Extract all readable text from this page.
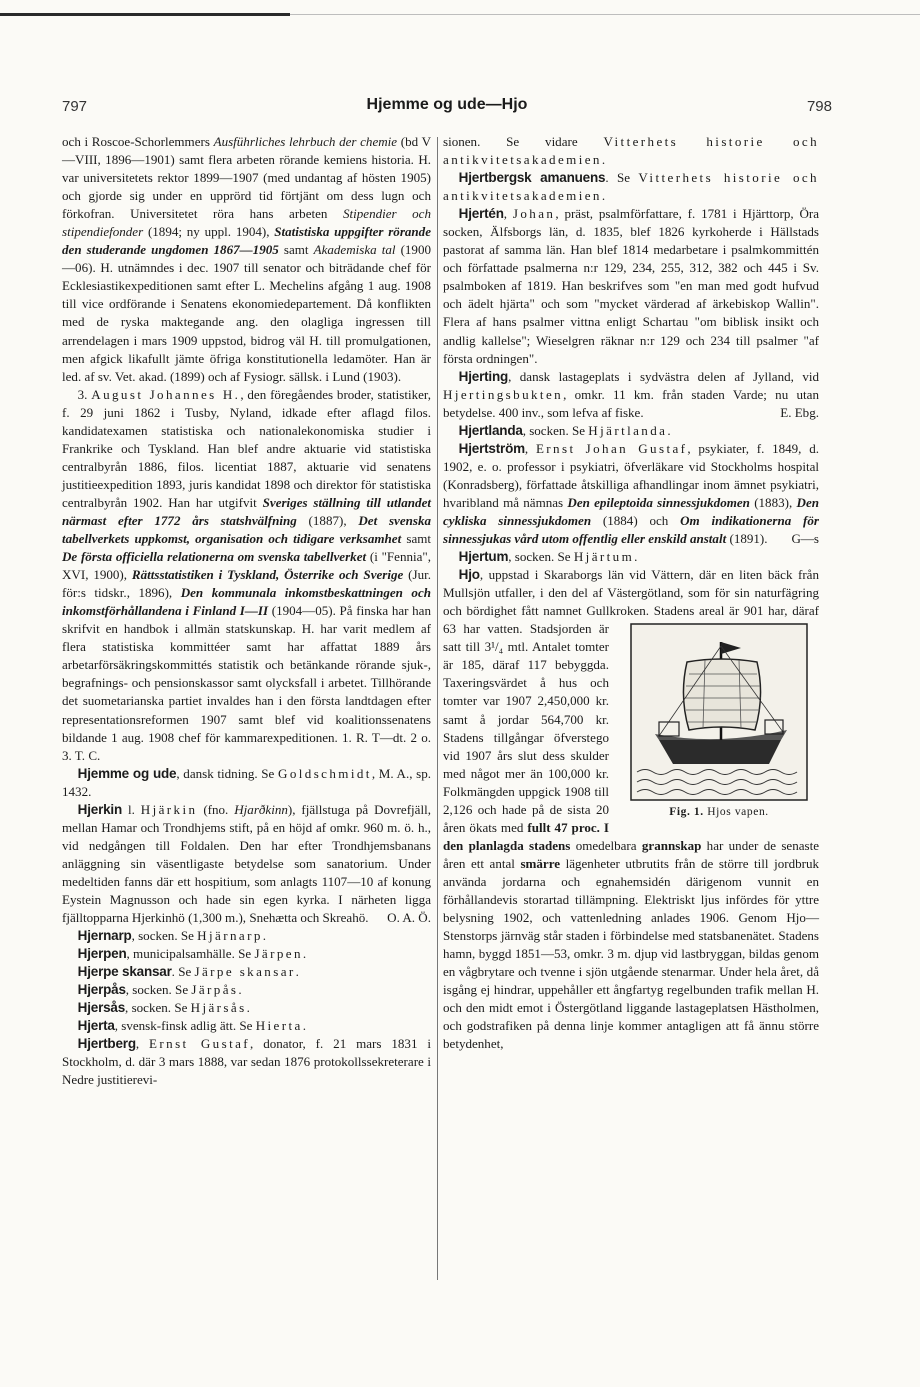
797	Hjemme og ude—Hjo	798

och i Roscoe-Schorlemmers Ausführliches lehrbuch der chemie (bd V—VIII, 1896—1901) samt flera arbeten rörande kemiens historia. H. var universitetets rektor 1899—1907 (med undantag af hösten 1905) och gjorde sig under en upprörd tid förtjänt om dess lugn och förkofran. Universitetet röra hans arbeten Stipendier och stipendiefonder (1894; ny uppl. 1904), Statistiska uppgifter rörande den studerande ungdomen 1867—1905 samt Akademiska tal (1900—06). H. utnämndes i dec. 1907 till senator och biträdande chef för Ecklesiastikexpeditionen samt efter L. Mechelins afgång 1 aug. 1908 till vice ordförande i Senatens ekonomiedepartement. Då konflikten med de ryska maktegande ang. den olagliga ingressen till arrendelagen i mars 1909 uppstod, bidrog väl H. till promulgationen, men afgick likafullt jämte öfriga konstitutionella ledamöter. Han är led. af sv. Vet. akad. (1899) och af Fysiogr. sällsk. i Lund (1903).

3. August Johannes H., den föregåendes broder, statistiker, f. 29 juni 1862 i Tusby, Nyland, idkade efter aflagd filos. kandidatexamen statistiska och nationalekonomiska studier i Frankrike och Tyskland. Han blef andre aktuarie vid statistiska centralbyrån 1886, filos. licentiat 1887, aktuarie vid senatens justitieexpedition 1893, juris kandidat 1898 och direktor för statistiska centralbyrån 1902. Han har utgifvit Sveriges ställning till utlandet närmast efter 1772 års statshvälfning (1887), Det svenska tabellverkets uppkomst, organisation och tidigare verksamhet samt De första officiella relationerna om svenska tabellverket (i "Fennia", XVI, 1900), Rättsstatistiken i Tyskland, Österrike och Sverige (Jur. för:s tidskr., 1896), Den kommunala inkomstbeskattningen och inkomstförhållandena i Finland I—II (1904—05). På finska har han skrifvit en handbok i allmän statskunskap. H. har varit medlem af flera statistiska kommittéer samt har affattat 1889 års arbetarförsäkringskommittés statistik och betänkande rörande sjuk-, begrafnings- och pensionskassor samt olycksfall i arbetet. Tillhörande det suometarianska partiet invaldes han i den första landtdagen efter representationsreformen 1907 samt blef vid koalitionssenatens bildande 1 aug. 1908 chef för kammarexpeditionen. 1. R. T—dt. 2 o. 3. T. C.

Hjemme og ude, dansk tidning. Se Goldschmidt, M. A., sp. 1432.

Hjerkin l. Hjärkin (fno. Hjarðkinn), fjällstuga på Dovrefjäll, mellan Hamar och Trondhjems stift, på en höjd af omkr. 960 m. ö. h., vid nedgången till Foldalen. Den har efter Trondhjemsbanans anläggning sin väsentligaste betydelse som sanatorium. Under medeltiden fanns där ett hospitium, som anlagts 1107—10 af konung Eystein Magnusson och hade sin egen kyrka. I närheten ligga fjälltopparna Hjerkinhö (1,300 m.), Snehætta och Skreahö.	O. A. Ö.

Hjernarp, socken. Se Hjärnarp.

Hjerpen, municipalsamhälle. Se Järpen.

Hjerpe skansar. Se Järpe skansar.

Hjerpås, socken. Se Järpås.

Hjersås, socken. Se Hjärsås.

Hjerta, svensk-finsk adlig ätt. Se Hierta.

Hjertberg, Ernst Gustaf, donator, f. 21 mars 1831 i Stockholm, d. där 3 mars 1888, var sedan 1876 protokollssekreterare i Nedre justitierevi-

sionen. Se vidare Vitterhets historie och antikvitetsakademien.

Hjertbergsk amanuens. Se Vitterhets historie och antikvitetsakademien.

Hjertén, Johan, präst, psalmförfattare, f. 1781 i Hjärttorp, Öra socken, Älfsborgs län, d. 1835, blef 1826 kyrkoherde i Hällstads pastorat af samma län. Han blef 1814 medarbetare i psalmkommittén och författade psalmerna n:r 129, 234, 255, 312, 382 och 445 i Sv. psalmboken af 1819. Han beskrifves som "en man med godt hufvud och ädelt hjärta" och som "mycket värderad af ärkebiskop Wallin". Flera af hans psalmer vittna enligt Schartau "om biblisk insikt och andlig kallelse"; Wieselgren räknar n:r 129 och 234 till psalmer "af första ordningen".

Hjerting, dansk lastageplats i sydvästra delen af Jylland, vid Hjertingsbukten, omkr. 11 km. från staden Varde; nu utan betydelse. 400 inv., som lefva af fiske.	E. Ebg.

Hjertlanda, socken. Se Hjärtlanda.

Hjertström, Ernst Johan Gustaf, psykiater, f. 1849, d. 1902, e. o. professor i psykiatri, öfverläkare vid Stockholms hospital (Konradsberg), författade åtskilliga afhandlingar inom ämnet psykiatri, hvaribland må nämnas Den epileptoida sinnessjukdomen (1883), Den cykliska sinnessjukdomen (1884) och Om indikationerna för sinnessjukas vård utom offentlig eller enskild anstalt (1891).	G—s

Hjertum, socken. Se Hjärtum.

Hjo, uppstad i Skaraborgs län vid Vättern, där en liten bäck från Mullsjön utfaller, i den del af Västergötland, som för sin naturfägring och bördighet fått namnet Gullkroken. Stadens areal är 901
Fig. 1. Hjos vapen.
har, däraf 63 har vatten. Stadsjorden är satt till 3¹/₄ mtl. Antalet tomter är 185, däraf 117 bebyggda. Taxeringsvärdet å hus och tomter var 1907 2,450,000 kr. samt å jordar 564,700 kr. Stadens tillgångar öfverstego vid 1907 års slut dess skulder med något mer än 100,000 kr. Folkmängden uppgick 1908 till 2,126 och hade på de sista 20 åren ökats med fullt 47 proc. I den planlagda stadens omedelbara grannskap har under de senaste åren ett antal smärre lägenheter utbrutits från de större till jordbruk använda jordarna och egnahemsidén därigenom vunnit en förhållandevis storartad tillämpning. Elektriskt ljus infördes för yttre belysning 1902, och vattenledning anlades 1906. Genom Hjo—Stenstorps järnväg står staden i förbindelse med statsbanenätet. Stadens hamn, byggd 1851—53, omkr. 3 m. djup vid lastbryggan, bildas genom en vågbrytare och tvenne i sjön utgående stenarmar. Under hela året, då isgång ej hindrar, uppehåller ett ångfartyg regelbunden trafik mellan H. och den midt emot i Östergötland liggande lastageplatsen Hästholmen, och godstrafiken på denna linje kommer antagligen att få ännu större betydenhet,
